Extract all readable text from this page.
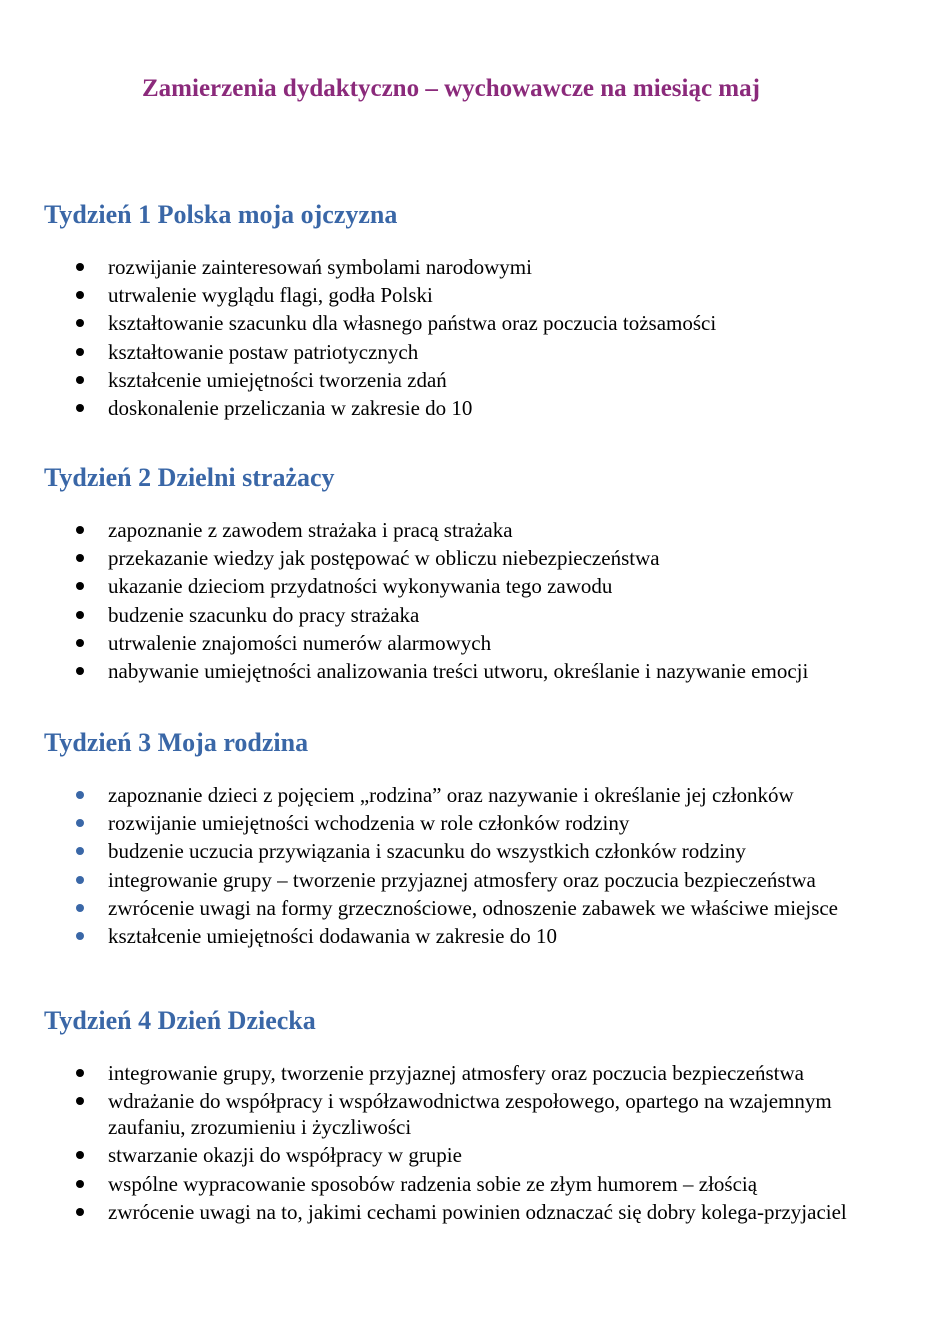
Zamierzenia dydaktyczno – wychowawcze na miesiąc maj
Tydzień 1 Polska moja ojczyzna
rozwijanie zainteresowań symbolami narodowymi
utrwalenie wyglądu flagi, godła Polski
kształtowanie szacunku dla własnego państwa oraz poczucia tożsamości
kształtowanie postaw patriotycznych
kształcenie umiejętności tworzenia zdań
doskonalenie przeliczania w zakresie do 10
Tydzień 2 Dzielni strażacy
zapoznanie z zawodem strażaka i pracą strażaka
przekazanie wiedzy jak postępować w obliczu niebezpieczeństwa
ukazanie dzieciom przydatności wykonywania tego zawodu
budzenie szacunku do pracy strażaka
utrwalenie znajomości numerów alarmowych
nabywanie umiejętności analizowania treści utworu, określanie i nazywanie emocji
Tydzień 3 Moja rodzina
zapoznanie dzieci z pojęciem „rodzina” oraz nazywanie i określanie jej członków
rozwijanie umiejętności wchodzenia w role członków rodziny
budzenie uczucia przywiązania i szacunku do wszystkich członków rodziny
integrowanie grupy – tworzenie przyjaznej atmosfery oraz poczucia bezpieczeństwa
zwrócenie uwagi na formy grzecznościowe, odnoszenie zabawek we właściwe miejsce
kształcenie umiejętności dodawania w zakresie do 10
Tydzień 4 Dzień Dziecka
integrowanie grupy, tworzenie przyjaznej atmosfery oraz poczucia bezpieczeństwa
wdrażanie do współpracy i współzawodnictwa zespołowego, opartego na wzajemnym zaufaniu, zrozumieniu i życzliwości
stwarzanie okazji do współpracy w grupie
wspólne wypracowanie sposobów radzenia sobie ze złym humorem – złością
zwrócenie uwagi na to, jakimi cechami powinien odznaczać się dobry kolega-przyjaciel
